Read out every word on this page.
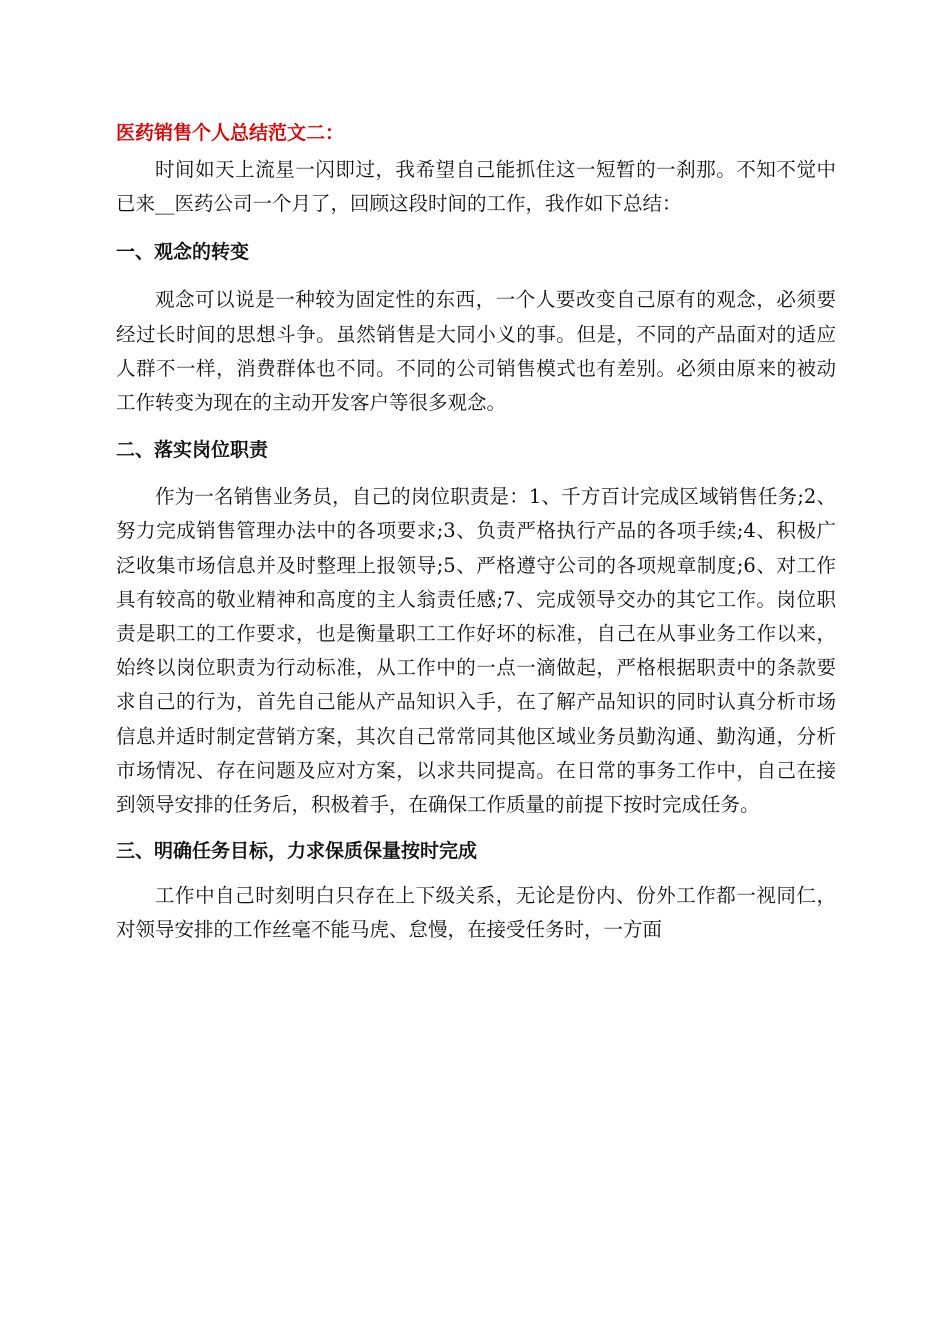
医药销售个人总结范文二：

时间如天上流星一闪即过，我希望自己能抓住这一短暂的一刹那。不知不觉中已来__医药公司一个月了，回顾这段时间的工作，我作如下总结：

一、观念的转变

观念可以说是一种较为固定性的东西，一个人要改变自己原有的观念，必须要经过长时间的思想斗争。虽然销售是大同小义的事。但是，不同的产品面对的适应人群不一样，消费群体也不同。不同的公司销售模式也有差别。必须由原来的被动工作转变为现在的主动开发客户等很多观念。

二、落实岗位职责

作为一名销售业务员，自己的岗位职责是：1、千方百计完成区域销售任务;2、努力完成销售管理办法中的各项要求;3、负责严格执行产品的各项手续;4、积极广泛收集市场信息并及时整理上报领导;5、严格遵守公司的各项规章制度;6、对工作具有较高的敬业精神和高度的主人翁责任感;7、完成领导交办的其它工作。岗位职责是职工的工作要求，也是衡量职工工作好坏的标准，自己在从事业务工作以来，始终以岗位职责为行动标准，从工作中的一点一滴做起，严格根据职责中的条款要求自己的行为，首先自己能从产品知识入手，在了解产品知识的同时认真分析市场信息并适时制定营销方案，其次自己常常同其他区域业务员勤沟通、勤沟通，分析市场情况、存在问题及应对方案，以求共同提高。在日常的事务工作中，自己在接到领导安排的任务后，积极着手，在确保工作质量的前提下按时完成任务。

三、明确任务目标，力求保质保量按时完成

工作中自己时刻明白只存在上下级关系，无论是份内、份外工作都一视同仁，对领导安排的工作丝毫不能马虎、怠慢，在接受任务时，一方面
